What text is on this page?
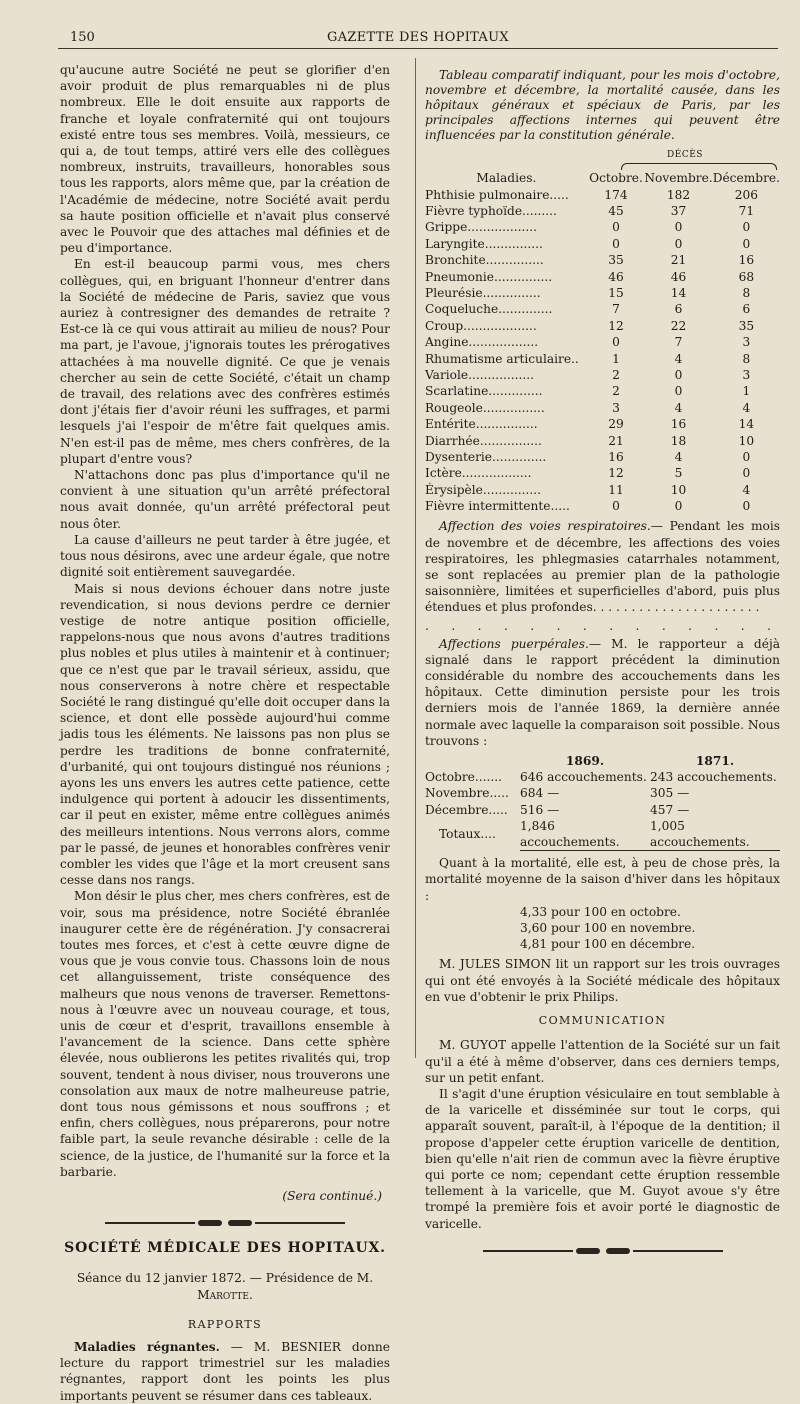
150	GAZETTE DES HOPITAUX

qu'aucune autre Société ne peut se glorifier d'en avoir produit de plus remarquables ni de plus nombreux. Elle le doit ensuite aux rapports de franche et loyale confraternité qui ont toujours existé entre tous ses membres. Voilà, messieurs, ce qui a, de tout temps, attiré vers elle des collègues nombreux, instruits, travailleurs, honorables sous tous les rapports, alors même que, par la création de l'Académie de médecine, notre Société avait perdu sa haute position officielle et n'avait plus conservé avec le Pouvoir que des attaches mal définies et de peu d'importance.

En est-il beaucoup parmi vous, mes chers collègues, qui, en briguant l'honneur d'entrer dans la Société de médecine de Paris, saviez que vous auriez à contresigner des demandes de retraite ? Est-ce là ce qui vous attirait au milieu de nous? Pour ma part, je l'avoue, j'ignorais toutes les prérogatives attachées à ma nouvelle dignité. Ce que je venais chercher au sein de cette Société, c'était un champ de travail, des relations avec des confrères estimés dont j'étais fier d'avoir réuni les suffrages, et parmi lesquels j'ai l'espoir de m'être fait quelques amis. N'en est-il pas de même, mes chers confrères, de la plupart d'entre vous?

N'attachons donc pas plus d'importance qu'il ne convient à une situation qu'un arrêté préfectoral nous avait donnée, qu'un arrêté préfectoral peut nous ôter.

La cause d'ailleurs ne peut tarder à être jugée, et tous nous désirons, avec une ardeur égale, que notre dignité soit entièrement sauvegardée.

Mais si nous devions échouer dans notre juste revendication, si nous devions perdre ce dernier vestige de notre antique position officielle, rappelons-nous que nous avons d'autres traditions plus nobles et plus utiles à maintenir et à continuer; que ce n'est que par le travail sérieux, assidu, que nous conserverons à notre chère et respectable Société le rang distingué qu'elle doit occuper dans la science, et dont elle possède aujourd'hui comme jadis tous les éléments. Ne laissons pas non plus se perdre les traditions de bonne confraternité, d'urbanité, qui ont toujours distingué nos réunions ; ayons les uns envers les autres cette patience, cette indulgence qui portent à adoucir les dissentiments, car il peut en exister, même entre collègues animés des meilleurs intentions. Nous verrons alors, comme par le passé, de jeunes et honorables confrères venir combler les vides que l'âge et la mort creusent sans cesse dans nos rangs.

Mon désir le plus cher, mes chers confrères, est de voir, sous ma présidence, notre Société ébranlée inaugurer cette ère de régénération. J'y consacrerai toutes mes forces, et c'est à cette œuvre digne de vous que je vous convie tous. Chassons loin de nous cet allanguissement, triste conséquence des malheurs que nous venons de traverser. Remettons-nous à l'œuvre avec un nouveau courage, et tous, unis de cœur et d'esprit, travaillons ensemble à l'avancement de la science. Dans cette sphère élevée, nous oublierons les petites rivalités qui, trop souvent, tendent à nous diviser, nous trouverons une consolation aux maux de notre malheureuse patrie, dont tous nous gémissons et nous souffrons ; et enfin, chers collègues, nous préparerons, pour notre faible part, la seule revanche désirable : celle de la science, de la justice, de l'humanité sur la force et la barbarie.

(Sera continué.)
SOCIÉTÉ MÉDICALE DES HOPITAUX.
Séance du 12 janvier 1872. — Présidence de M. Marotte.
RAPPORTS

Maladies régnantes. — M. BESNIER donne lecture du rapport trimestriel sur les maladies régnantes, rapport dont les points les plus importants peuvent se résumer dans ces tableaux.

Tableau comparatif indiquant, pour les mois d'octobre, novembre et décembre, la mortalité causée, dans les hôpitaux généraux et spéciaux de Paris, par les principales affections internes qui peuvent être influencées par la constitution générale.

DÉCÈS
Maladies.	Octobre.	Novembre.	Décembre.
Phthisie pulmonaire.....	174	182	206
Fièvre typhoïde.........	45	37	71
Grippe..................	0	0	0
Laryngite...............	0	0	0
Bronchite...............	35	21	16
Pneumonie...............	46	46	68
Pleurésie...............	15	14	8
Coqueluche..............	7	6	6
Croup...................	12	22	35
Angine..................	0	7	3
Rhumatisme articulaire..	1	4	8
Variole.................	2	0	3
Scarlatine..............	2	0	1
Rougeole................	3	4	4
Entérite................	29	16	14
Diarrhée................	21	18	10
Dysenterie..............	16	4	0
Ictère..................	12	5	0
Érysipèle...............	11	10	4
Fièvre intermittente.....	0	0	0

Affection des voies respiratoires.— Pendant les mois de novembre et de décembre, les affections des voies respiratoires, les phlegmasies catarrhales notamment, se sont replacées au premier plan de la pathologie saisonnière, limitées et superficielles d'abord, puis plus étendues et plus profondes. . . . . . . . . . . . . . . . . . . . . .

. . . . . . . . . . . . . .

Affections puerpérales.— M. le rapporteur a déjà signalé dans le rapport précédent la diminution considérable du nombre des accouchements dans les hôpitaux. Cette diminution persiste pour les trois derniers mois de l'année 1869, la dernière année normale avec laquelle la comparaison soit possible. Nous trouvons :

	1869.	1871.
Octobre.......	646 accouchements.	243 accouchements.
Novembre.....	684 —	305 —
Décembre.....	516 —	457 —
Totaux....	1,846 accouchements.	1,005 accouchements.

Quant à la mortalité, elle est, à peu de chose près, la mortalité moyenne de la saison d'hiver dans les hôpitaux :

4,33 pour 100 en octobre.

3,60 pour 100 en novembre.

4,81 pour 100 en décembre.

M. JULES SIMON lit un rapport sur les trois ouvrages qui ont été envoyés à la Société médicale des hôpitaux en vue d'obtenir le prix Philips.

COMMUNICATION

M. GUYOT appelle l'attention de la Société sur un fait qu'il a été à même d'observer, dans ces derniers temps, sur un petit enfant.

Il s'agit d'une éruption vésiculaire en tout semblable à de la varicelle et disséminée sur tout le corps, qui apparaît souvent, paraît-il, à l'époque de la dentition; il propose d'appeler cette éruption varicelle de dentition, bien qu'elle n'ait rien de commun avec la fièvre éruptive qui porte ce nom; cependant cette éruption ressemble tellement à la varicelle, que M. Guyot avoue s'y être trompé la première fois et avoir porté le diagnostic de varicelle.
